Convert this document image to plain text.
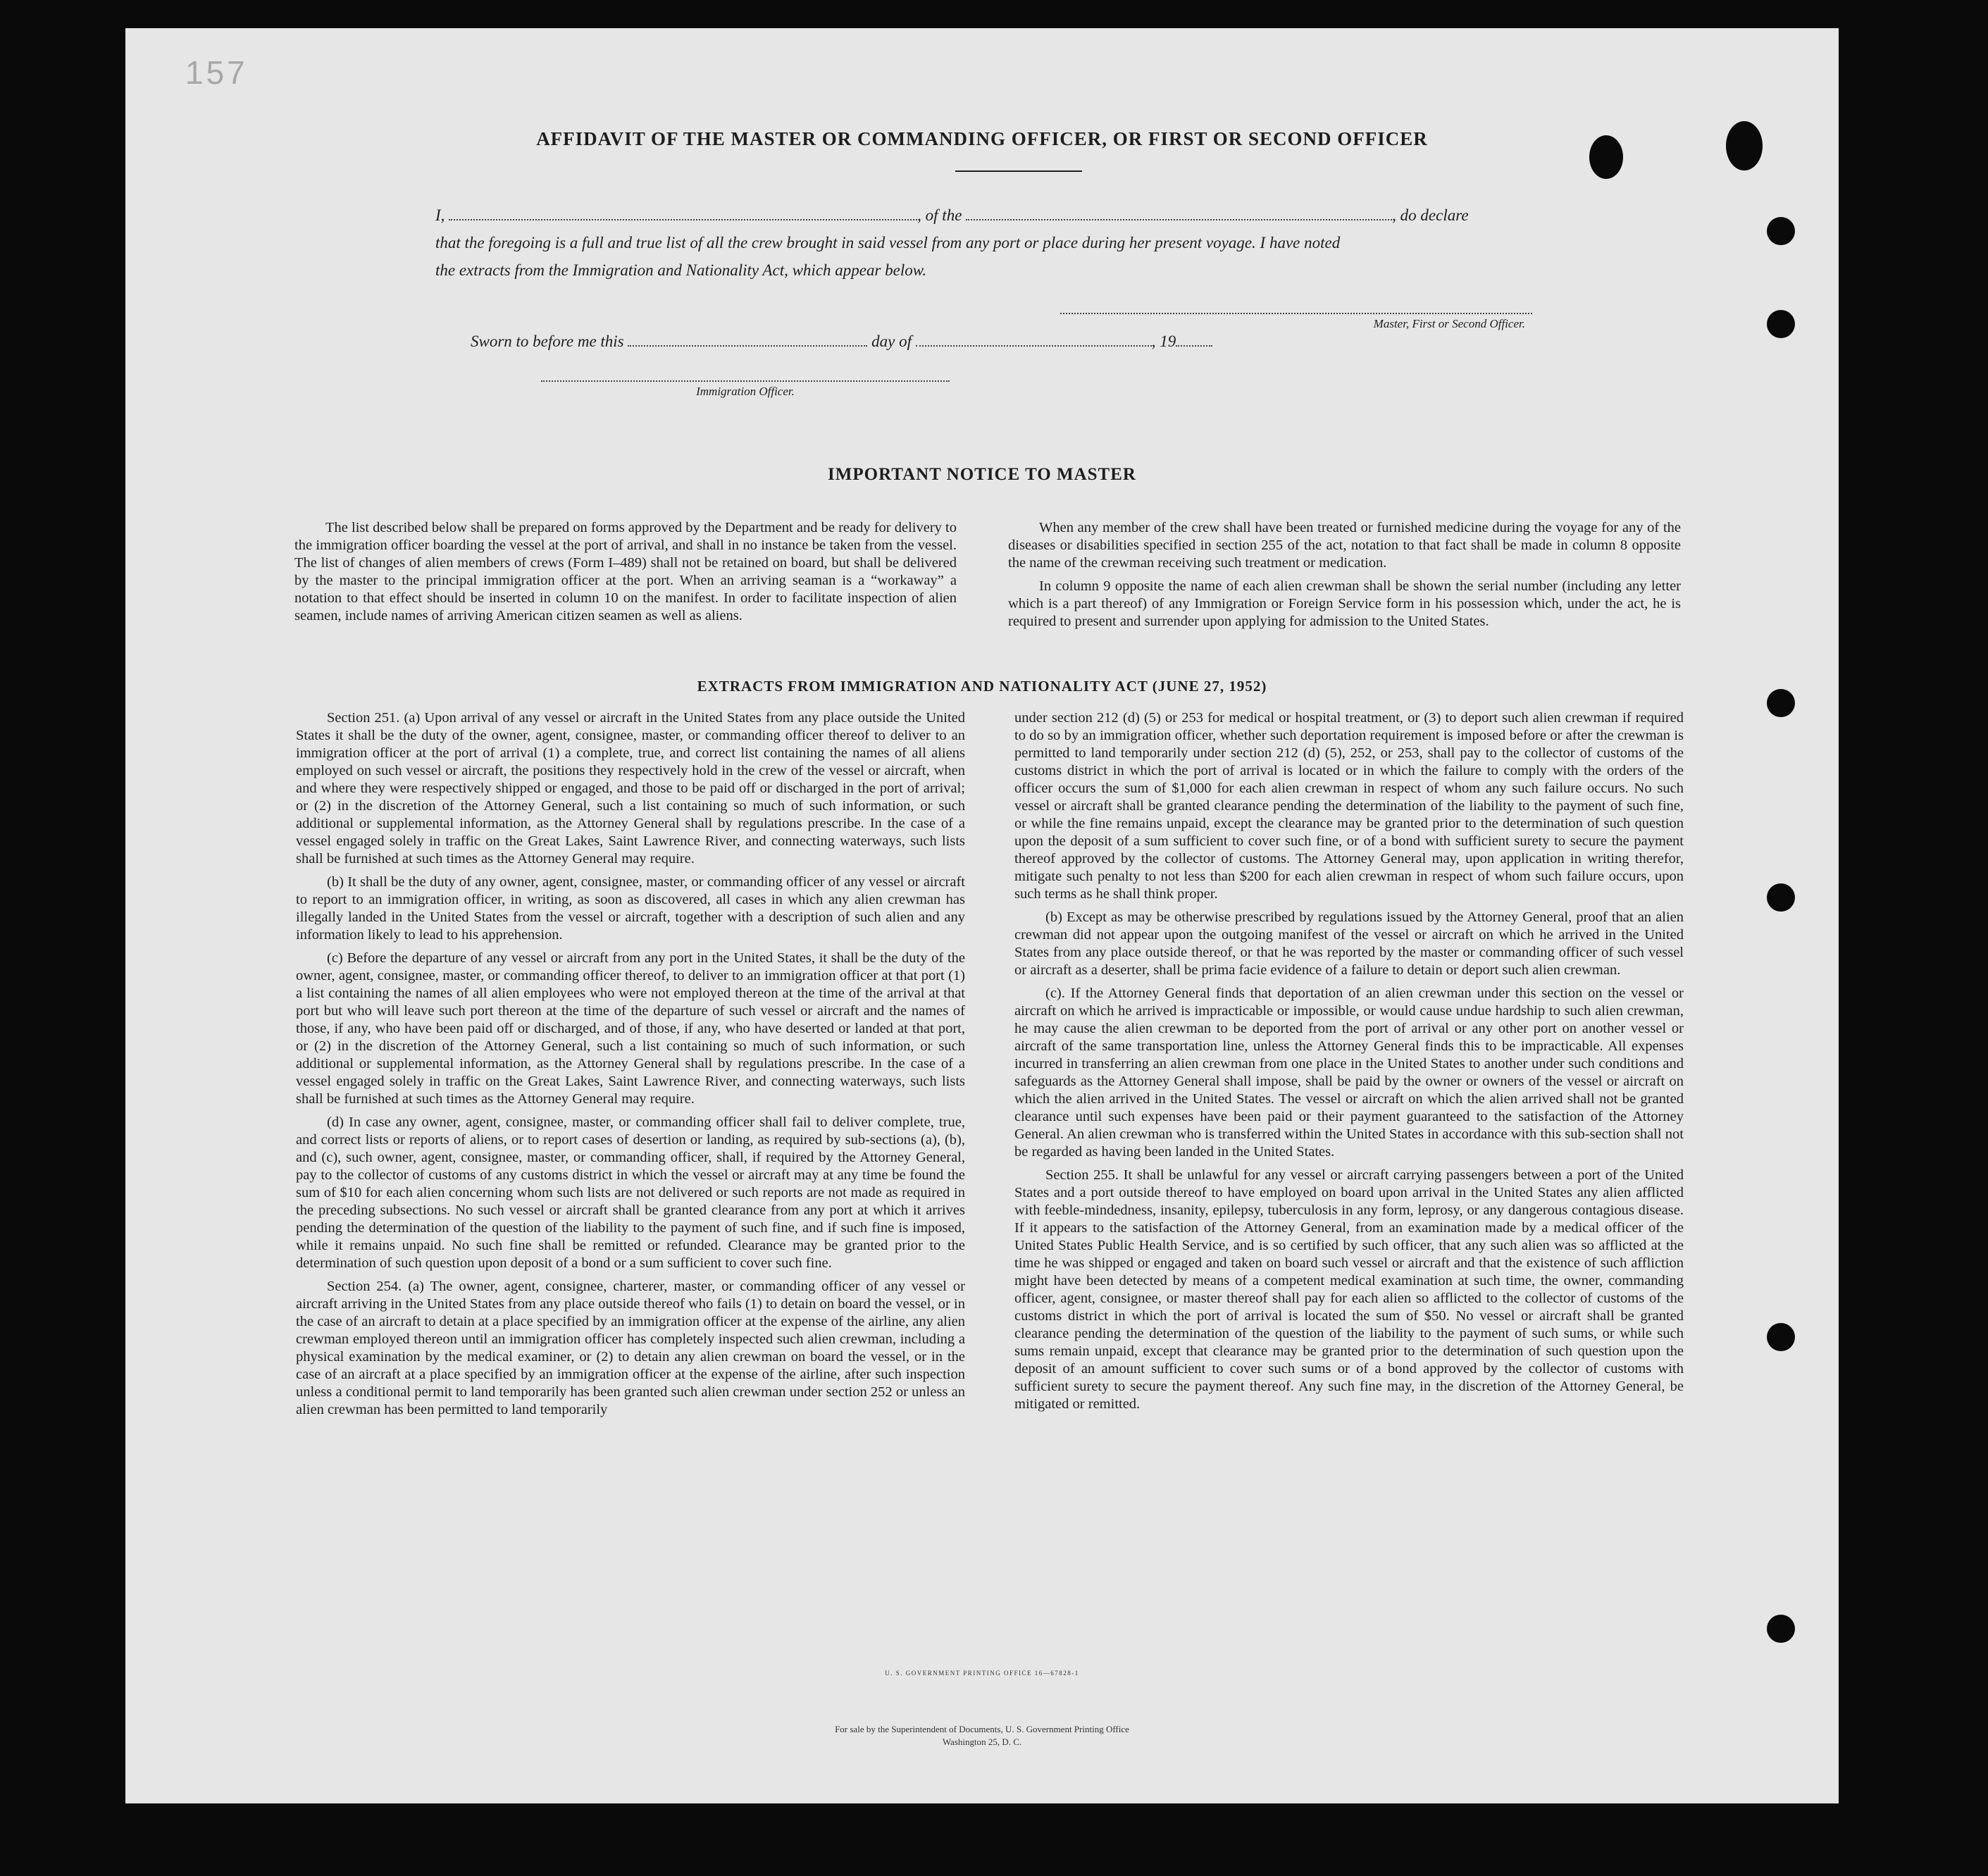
157
AFFIDAVIT OF THE MASTER OR COMMANDING OFFICER, OR FIRST OR SECOND OFFICER

I,	, of the	, do declare

that the foregoing is a full and true list of all the crew brought in said vessel from any port or place during her present voyage. I have noted

the extracts from the Immigration and Nationality Act, which appear below.

Master, First or Second Officer.
Sworn to before me this	day of	, 19
Immigration Officer.
IMPORTANT NOTICE TO MASTER

The list described below shall be prepared on forms approved by the Department and be ready for delivery to the immigration officer boarding the vessel at the port of arrival, and shall in no instance be taken from the vessel. The list of changes of alien members of crews (Form I–489) shall not be retained on board, but shall be delivered by the master to the principal immigration officer at the port. When an arriving seaman is a “workaway” a notation to that effect should be inserted in column 10 on the manifest. In order to facilitate inspection of alien seamen, include names of arriving American citizen seamen as well as aliens.

When any member of the crew shall have been treated or furnished medicine during the voyage for any of the diseases or disabilities specified in section 255 of the act, notation to that fact shall be made in column 8 opposite the name of the crewman receiving such treatment or medication.

In column 9 opposite the name of each alien crewman shall be shown the serial number (including any letter which is a part thereof) of any Immigration or Foreign Service form in his possession which, under the act, he is required to present and surrender upon applying for admission to the United States.

EXTRACTS FROM IMMIGRATION AND NATIONALITY ACT (JUNE 27, 1952)

Section 251. (a) Upon arrival of any vessel or aircraft in the United States from any place outside the United States it shall be the duty of the owner, agent, consignee, master, or commanding officer thereof to deliver to an immigration officer at the port of arrival (1) a complete, true, and correct list containing the names of all aliens employed on such vessel or aircraft, the positions they respectively hold in the crew of the vessel or aircraft, when and where they were respectively shipped or engaged, and those to be paid off or discharged in the port of arrival; or (2) in the discretion of the Attorney General, such a list containing so much of such information, or such additional or supplemental information, as the Attorney General shall by regulations prescribe. In the case of a vessel engaged solely in traffic on the Great Lakes, Saint Lawrence River, and connecting waterways, such lists shall be furnished at such times as the Attorney General may require.

(b) It shall be the duty of any owner, agent, consignee, master, or commanding officer of any vessel or aircraft to report to an immigration officer, in writing, as soon as discovered, all cases in which any alien crewman has illegally landed in the United States from the vessel or aircraft, together with a description of such alien and any information likely to lead to his apprehension.

(c) Before the departure of any vessel or aircraft from any port in the United States, it shall be the duty of the owner, agent, consignee, master, or commanding officer thereof, to deliver to an immigration officer at that port (1) a list containing the names of all alien employees who were not employed thereon at the time of the arrival at that port but who will leave such port thereon at the time of the departure of such vessel or aircraft and the names of those, if any, who have been paid off or discharged, and of those, if any, who have deserted or landed at that port, or (2) in the discretion of the Attorney General, such a list containing so much of such information, or such additional or supplemental information, as the Attorney General shall by regulations prescribe. In the case of a vessel engaged solely in traffic on the Great Lakes, Saint Lawrence River, and connecting waterways, such lists shall be furnished at such times as the Attorney General may require.

(d) In case any owner, agent, consignee, master, or commanding officer shall fail to deliver complete, true, and correct lists or reports of aliens, or to report cases of desertion or landing, as required by sub-sections (a), (b), and (c), such owner, agent, consignee, master, or commanding officer, shall, if required by the Attorney General, pay to the collector of customs of any customs district in which the vessel or aircraft may at any time be found the sum of $10 for each alien concerning whom such lists are not delivered or such reports are not made as required in the preceding subsections. No such vessel or aircraft shall be granted clearance from any port at which it arrives pending the determination of the question of the liability to the payment of such fine, and if such fine is imposed, while it remains unpaid. No such fine shall be remitted or refunded. Clearance may be granted prior to the determination of such question upon deposit of a bond or a sum sufficient to cover such fine.

Section 254. (a) The owner, agent, consignee, charterer, master, or commanding officer of any vessel or aircraft arriving in the United States from any place outside thereof who fails (1) to detain on board the vessel, or in the case of an aircraft to detain at a place specified by an immigration officer at the expense of the airline, any alien crewman employed thereon until an immigration officer has completely inspected such alien crewman, including a physical examination by the medical examiner, or (2) to detain any alien crewman on board the vessel, or in the case of an aircraft at a place specified by an immigration officer at the expense of the airline, after such inspection unless a conditional permit to land temporarily has been granted such alien crewman under section 252 or unless an alien crewman has been permitted to land temporarily

under section 212 (d) (5) or 253 for medical or hospital treatment, or (3) to deport such alien crewman if required to do so by an immigration officer, whether such deportation requirement is imposed before or after the crewman is permitted to land temporarily under section 212 (d) (5), 252, or 253, shall pay to the collector of customs of the customs district in which the port of arrival is located or in which the failure to comply with the orders of the officer occurs the sum of $1,000 for each alien crewman in respect of whom any such failure occurs. No such vessel or aircraft shall be granted clearance pending the determination of the liability to the payment of such fine, or while the fine remains unpaid, except the clearance may be granted prior to the determination of such question upon the deposit of a sum sufficient to cover such fine, or of a bond with sufficient surety to secure the payment thereof approved by the collector of customs. The Attorney General may, upon application in writing therefor, mitigate such penalty to not less than $200 for each alien crewman in respect of whom such failure occurs, upon such terms as he shall think proper.

(b) Except as may be otherwise prescribed by regulations issued by the Attorney General, proof that an alien crewman did not appear upon the outgoing manifest of the vessel or aircraft on which he arrived in the United States from any place outside thereof, or that he was reported by the master or commanding officer of such vessel or aircraft as a deserter, shall be prima facie evidence of a failure to detain or deport such alien crewman.

(c). If the Attorney General finds that deportation of an alien crewman under this section on the vessel or aircraft on which he arrived is impracticable or impossible, or would cause undue hardship to such alien crewman, he may cause the alien crewman to be deported from the port of arrival or any other port on another vessel or aircraft of the same transportation line, unless the Attorney General finds this to be impracticable. All expenses incurred in transferring an alien crewman from one place in the United States to another under such conditions and safeguards as the Attorney General shall impose, shall be paid by the owner or owners of the vessel or aircraft on which the alien arrived in the United States. The vessel or aircraft on which the alien arrived shall not be granted clearance until such expenses have been paid or their payment guaranteed to the satisfaction of the Attorney General. An alien crewman who is transferred within the United States in accordance with this sub-section shall not be regarded as having been landed in the United States.

Section 255. It shall be unlawful for any vessel or aircraft carrying passengers between a port of the United States and a port outside thereof to have employed on board upon arrival in the United States any alien afflicted with feeble-mindedness, insanity, epilepsy, tuberculosis in any form, leprosy, or any dangerous contagious disease. If it appears to the satisfaction of the Attorney General, from an examination made by a medical officer of the United States Public Health Service, and is so certified by such officer, that any such alien was so afflicted at the time he was shipped or engaged and taken on board such vessel or aircraft and that the existence of such affliction might have been detected by means of a competent medical examination at such time, the owner, commanding officer, agent, consignee, or master thereof shall pay for each alien so afflicted to the collector of customs of the customs district in which the port of arrival is located the sum of $50. No vessel or aircraft shall be granted clearance pending the determination of the question of the liability to the payment of such sums, or while such sums remain unpaid, except that clearance may be granted prior to the determination of such question upon the deposit of an amount sufficient to cover such sums or of a bond approved by the collector of customs with sufficient surety to secure the payment thereof. Any such fine may, in the discretion of the Attorney General, be mitigated or remitted.

U. S. GOVERNMENT PRINTING OFFICE 16—67828-1
For sale by the Superintendent of Documents, U. S. Government Printing Office
Washington 25, D. C.
